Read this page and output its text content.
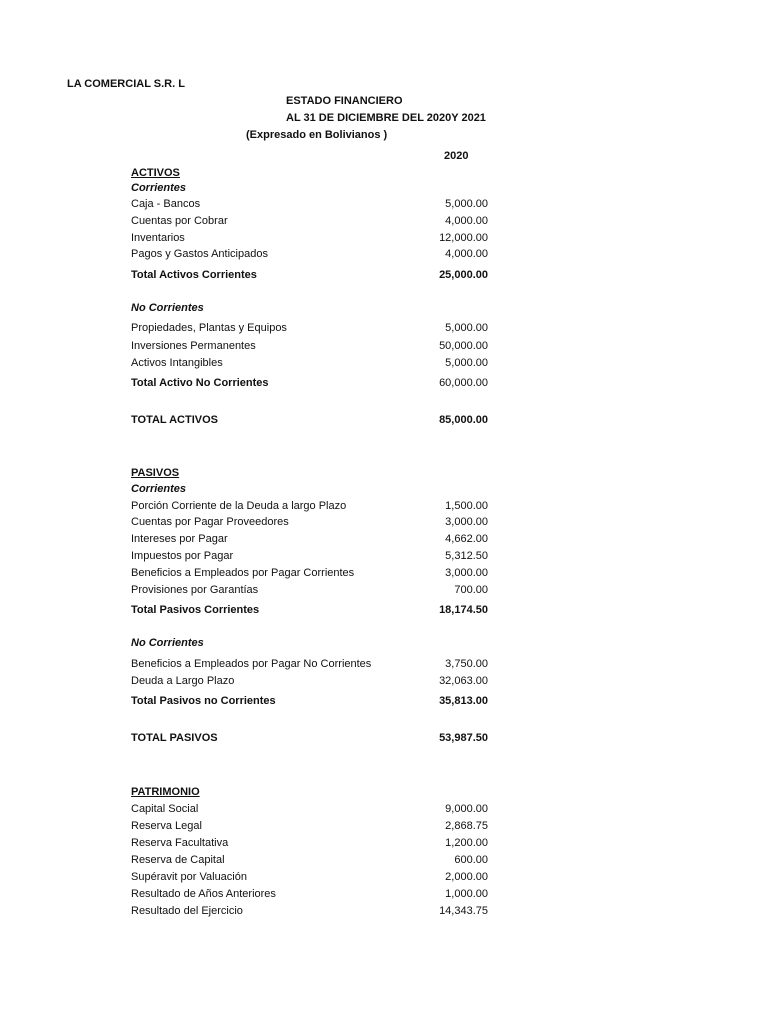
LA COMERCIAL S.R. L
ESTADO FINANCIERO
AL 31 DE DICIEMBRE DEL 2020Y 2021
(Expresado en Bolivianos )
2020
ACTIVOS
Corrientes
Caja - Bancos	5,000.00
Cuentas por Cobrar	4,000.00
Inventarios	12,000.00
Pagos y Gastos Anticipados	4,000.00
Total Activos Corrientes	25,000.00
No Corrientes
Propiedades, Plantas y Equipos	5,000.00
Inversiones Permanentes	50,000.00
Activos Intangibles	5,000.00
Total Activo No Corrientes	60,000.00
TOTAL ACTIVOS	85,000.00
PASIVOS
Corrientes
Porción Corriente de la Deuda a largo Plazo	1,500.00
Cuentas por Pagar Proveedores	3,000.00
Intereses por Pagar	4,662.00
Impuestos por Pagar	5,312.50
Beneficios a Empleados por Pagar Corrientes	3,000.00
Provisiones por Garantías	700.00
Total Pasivos Corrientes	18,174.50
No Corrientes
Beneficios a Empleados por Pagar No Corrientes	3,750.00
Deuda a Largo Plazo	32,063.00
Total Pasivos no Corrientes	35,813.00
TOTAL PASIVOS	53,987.50
PATRIMONIO
Capital Social	9,000.00
Reserva Legal	2,868.75
Reserva Facultativa	1,200.00
Reserva de Capital	600.00
Supéravit por Valuación	2,000.00
Resultado de Años Anteriores	1,000.00
Resultado del Ejercicio	14,343.75
